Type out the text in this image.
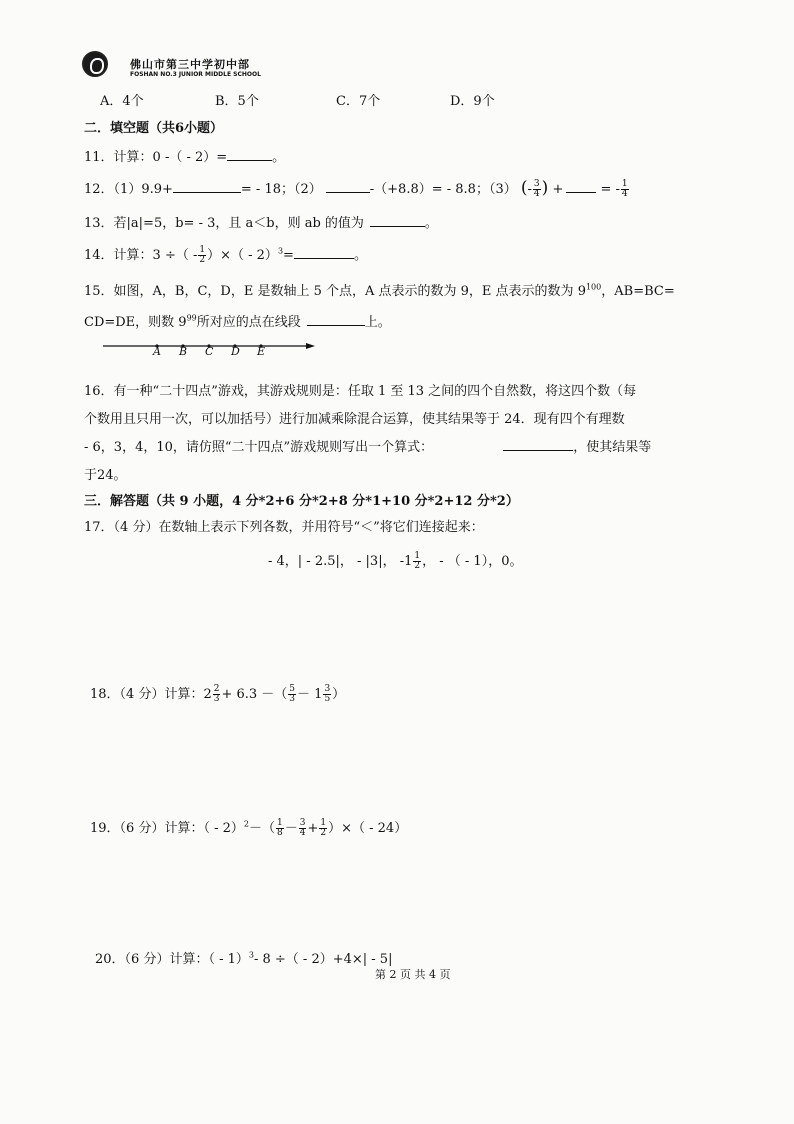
佛山市第三中学初中部
FOSHAN NO.3 JUNIOR MIDDLE SCHOOL
A．4个	B．5个	C．7个	D．9个
二．填空题（共6小题）
11．计算：0 -（ - 2）=	。
12．（1）9.9+	= - 18；（2）	-（+8.8）= - 8.8；（3） (- $\frac{3}{4}$ ) +	= - $\frac{1}{4}$
13．若|a|=5，b= - 3，且 a＜b，则 ab 的值为	。
14．计算：3 ÷（ - $\frac{1}{2}$ ）×（ - 2）$^3$=	。
15．如图，A，B，C，D，E 是数轴上 5 个点，A 点表示的数为 9，E 点表示的数为 $9^{100}$，AB=BC=
CD=DE，则数 $9^{99}$所对应的点在线段	上。
A B C D E
16．有一种“二十四点”游戏，其游戏规则是：任取 1 至 13 之间的四个自然数，将这四个数（每
个数用且只用一次，可以加括号）进行加减乘除混合运算，使其结果等于 24．现有四个有理数
- 6，3，4，10，请仿照“二十四点”游戏规则写出一个算式：	，使其结果等
于24。
三．解答题（共 9 小题，4 分*2+6 分*2+8 分*1+10 分*2+12 分*2）
17．（4 分）在数轴上表示下列各数，并用符号“＜”将它们连接起来：
- 4，| - 2.5|， - |3|， $-1 \frac{1}{2}$ ， - （ - 1），0。
18．（4 分）计算：$2 \frac{2}{3} + 6.3$ －（ $\frac{5}{3} - 1 \frac{3}{5}$ ）
19．（6 分）计算：（ - $2)^2-( \frac{1}{8} - \frac{3}{4} + \frac{1}{2}$ ）×（ - 24）
20．（6 分）计算：（ - 1）$^3$- 8 ÷（ - 2）+4×| - 5|
第 2 页 共 4 页
